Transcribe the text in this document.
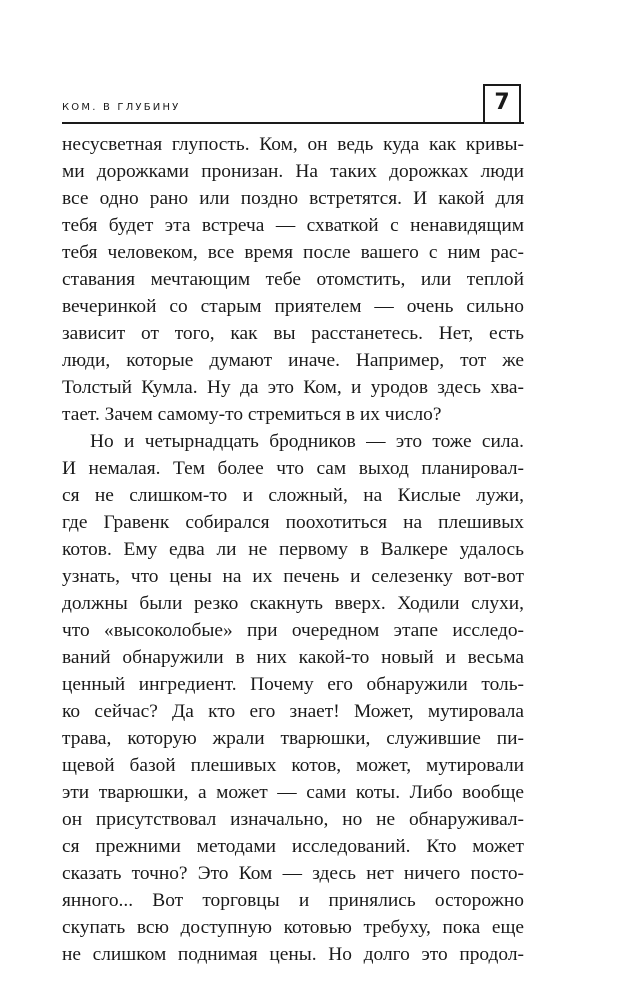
КОМ. В ГЛУБИНУ	7
несусветная глупость. Ком, он ведь куда как кривы-
ми дорожками пронизан. На таких дорожках люди
все одно рано или поздно встретятся. И какой для
тебя будет эта встреча — схваткой с ненавидящим
тебя человеком, все время после вашего с ним рас-
ставания мечтающим тебе отомстить, или теплой
вечеринкой со старым приятелем — очень сильно
зависит от того, как вы расстанетесь. Нет, есть
люди, которые думают иначе. Например, тот же
Толстый Кумла. Ну да это Ком, и уродов здесь хва-
тает. Зачем самому-то стремиться в их число?
Но и четырнадцать бродников — это тоже сила.
И немалая. Тем более что сам выход планировал-
ся не слишком-то и сложный, на Кислые лужи,
где Гравенк собирался поохотиться на плешивых
котов. Ему едва ли не первому в Валкере удалось
узнать, что цены на их печень и селезенку вот-вот
должны были резко скакнуть вверх. Ходили слухи,
что «высоколобые» при очередном этапе исследо-
ваний обнаружили в них какой-то новый и весьма
ценный ингредиент. Почему его обнаружили толь-
ко сейчас? Да кто его знает! Может, мутировала
трава, которую жрали тварюшки, служившие пи-
щевой базой плешивых котов, может, мутировали
эти тварюшки, а может — сами коты. Либо вообще
он присутствовал изначально, но не обнаруживал-
ся прежними методами исследований. Кто может
сказать точно? Это Ком — здесь нет ничего посто-
янного... Вот торговцы и принялись осторожно
скупать всю доступную котовью требуху, пока еще
не слишком поднимая цены. Но долго это продол-
